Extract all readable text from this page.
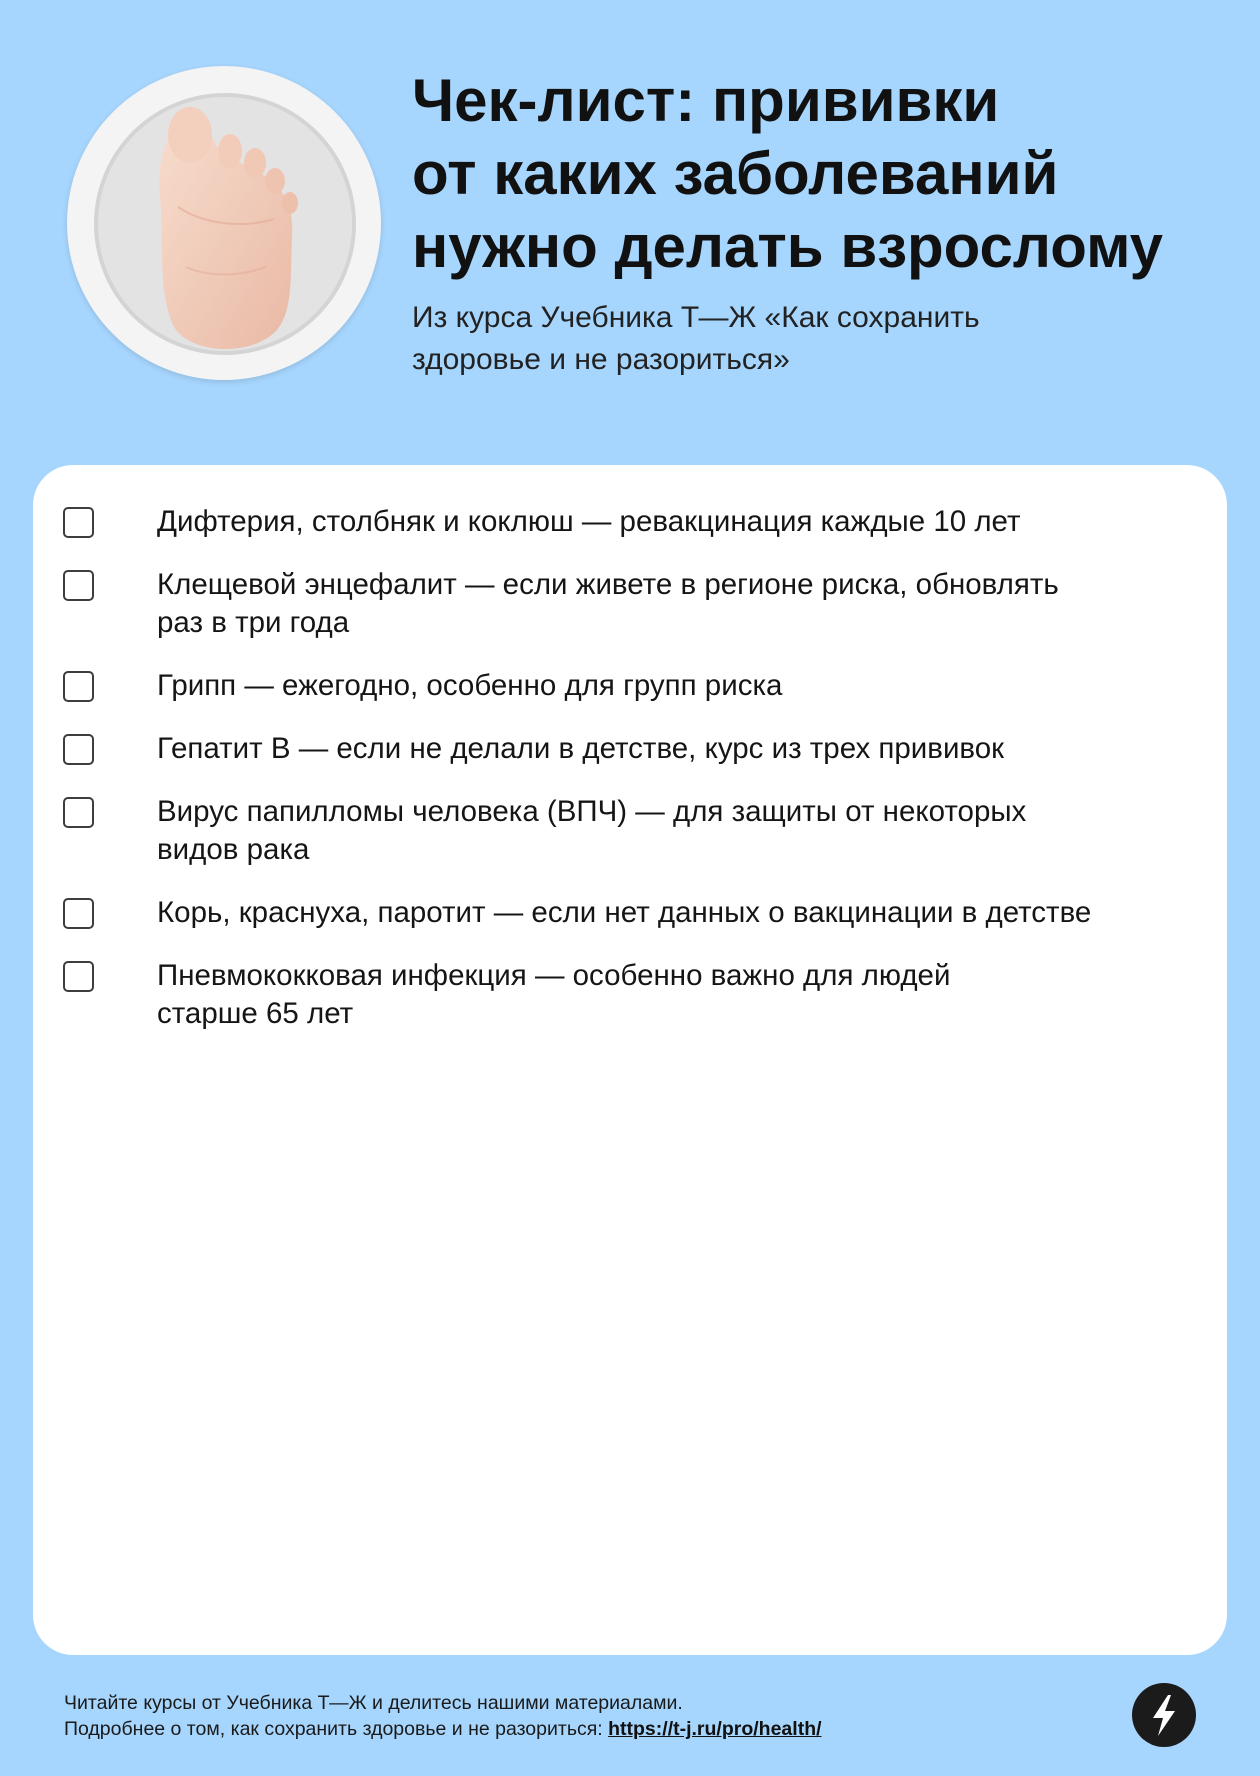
Чек-лист: прививки
от каких заболеваний
нужно делать взрослому

Из курса Учебника Т—Ж «Как сохранить
здоровье и не разориться»

Дифтерия, столбняк и коклюш — ревакцинация каждые 10 лет
Клещевой энцефалит — если живете в регионе риска, обновлять
раз в три года
Грипп — ежегодно, особенно для групп риска
Гепатит B — если не делали в детстве, курс из трех прививок
Вирус папилломы человека (ВПЧ) — для защиты от некоторых
видов рака
Корь, краснуха, паротит — если нет данных о вакцинации в детстве
Пневмококковая инфекция — особенно важно для людей
старше 65 лет
Читайте курсы от Учебника Т—Ж и делитесь нашими материалами.
Подробнее о том, как сохранить здоровье и не разориться: https://t-j.ru/pro/health/
